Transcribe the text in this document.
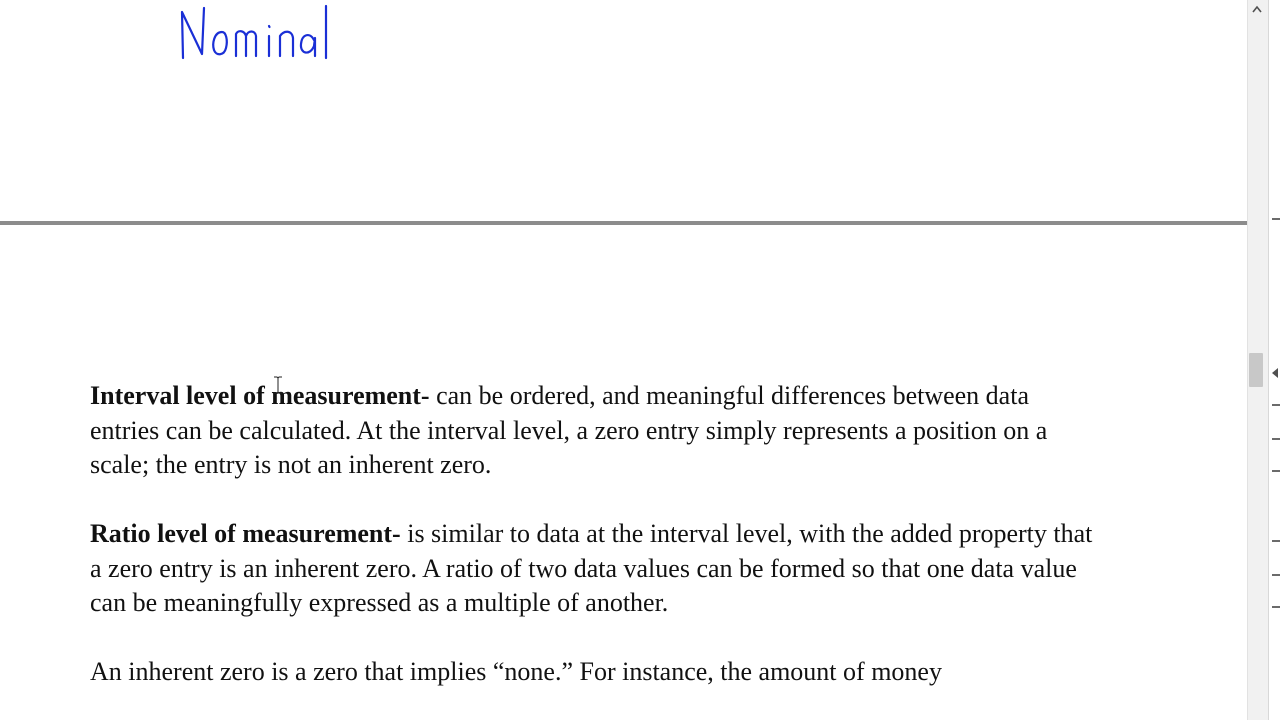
Nominal

Interval level of measurement- can be ordered, and meaningful differences between data entries can be calculated. At the interval level, a zero entry simply represents a position on a scale; the entry is not an inherent zero.

Ratio level of measurement- is similar to data at the interval level, with the added property that a zero entry is an inherent zero. A ratio of two data values can be formed so that one data value can be meaningfully expressed as a multiple of another.

An inherent zero is a zero that implies “none.” For instance, the amount of money
